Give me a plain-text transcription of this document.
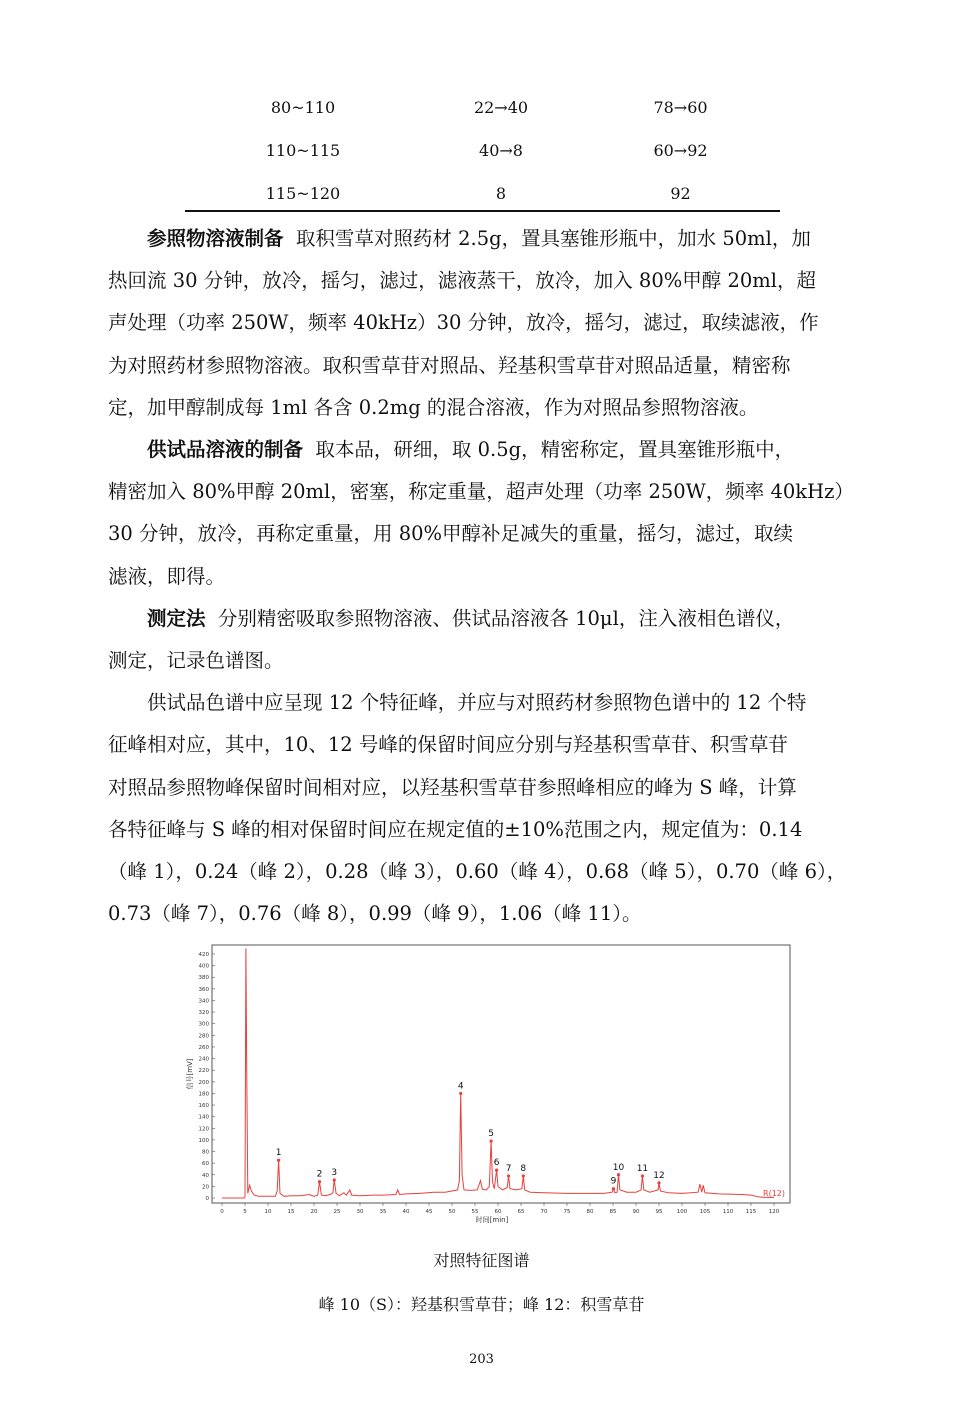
80~110	22→40	78→60
110~115	40→8	60→92
115~120	8	92

参照物溶液制备 取积雪草对照药材 2.5g，置具塞锥形瓶中，加水 50ml，加

热回流 30 分钟，放冷，摇匀，滤过，滤液蒸干，放冷，加入 80%甲醇 20ml，超

声处理（功率 250W，频率 40kHz）30 分钟，放冷，摇匀，滤过，取续滤液，作

为对照药材参照物溶液。取积雪草苷对照品、羟基积雪草苷对照品适量，精密称

定，加甲醇制成每 1ml 各含 0.2mg 的混合溶液，作为对照品参照物溶液。

供试品溶液的制备 取本品，研细，取 0.5g，精密称定，置具塞锥形瓶中，

精密加入 80%甲醇 20ml，密塞，称定重量，超声处理（功率 250W，频率 40kHz）

30 分钟，放冷，再称定重量，用 80%甲醇补足减失的重量，摇匀，滤过，取续

滤液，即得。

测定法 分别精密吸取参照物溶液、供试品溶液各 10μl，注入液相色谱仪，

测定，记录色谱图。

供试品色谱中应呈现 12 个特征峰，并应与对照药材参照物色谱中的 12 个特

征峰相对应，其中，10、12 号峰的保留时间应分别与羟基积雪草苷、积雪草苷

对照品参照物峰保留时间相对应，以羟基积雪草苷参照峰相应的峰为 S 峰，计算

各特征峰与 S 峰的相对保留时间应在规定值的±10%范围之内，规定值为：0.14

（峰 1），0.24（峰 2），0.28（峰 3），0.60（峰 4），0.68（峰 5），0.70（峰 6），

0.73（峰 7），0.76（峰 8），0.99（峰 9），1.06（峰 11）。

0
20
40
60
80
100
120
140
160
180
200
220
240
260
280
300
320
340
360
380
400
420
0	5	10	15	20	25	30	35	40	45	50	55	60	65	70	75	80	85	90	95	100 105 110 115 120
1
2 3
4
5
6
7 8
9
10 11
12
R(12)
时间[min]
信号[mV]
对照特征图谱
峰 10（S）：羟基积雪草苷；峰 12：积雪草苷
203
